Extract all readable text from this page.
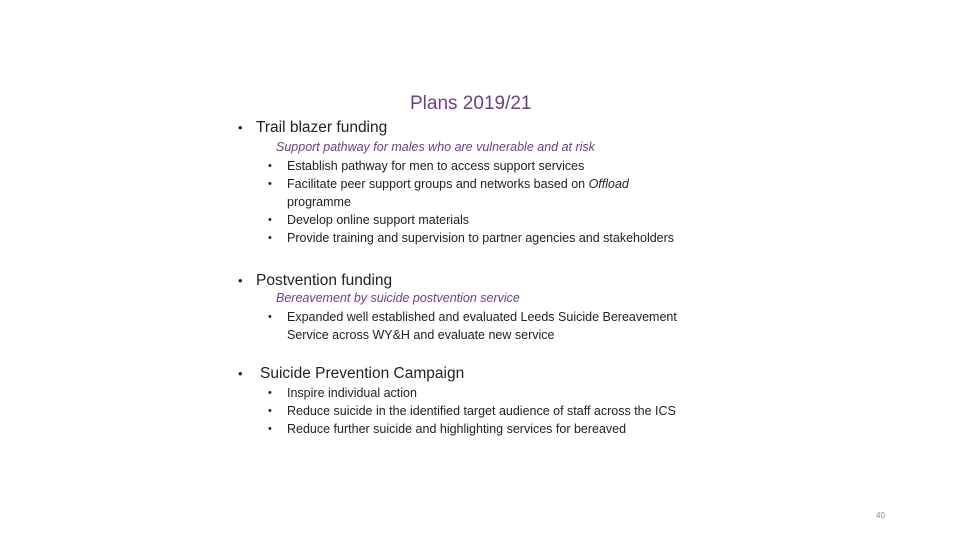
Plans 2019/21
• Trail blazer funding
Support pathway for males who are vulnerable and at risk
• Establish pathway for men to access support services
• Facilitate peer support groups and networks based on Offload
programme
• Develop online support materials
• Provide training and supervision to partner agencies and stakeholders
• Postvention funding
Bereavement by suicide postvention service
• Expanded well established and evaluated Leeds Suicide Bereavement
Service across WY&H and evaluate new service
• Suicide Prevention Campaign
• Inspire individual action
• Reduce suicide in the identified target audience of staff across the ICS
• Reduce further suicide and highlighting services for bereaved
40
